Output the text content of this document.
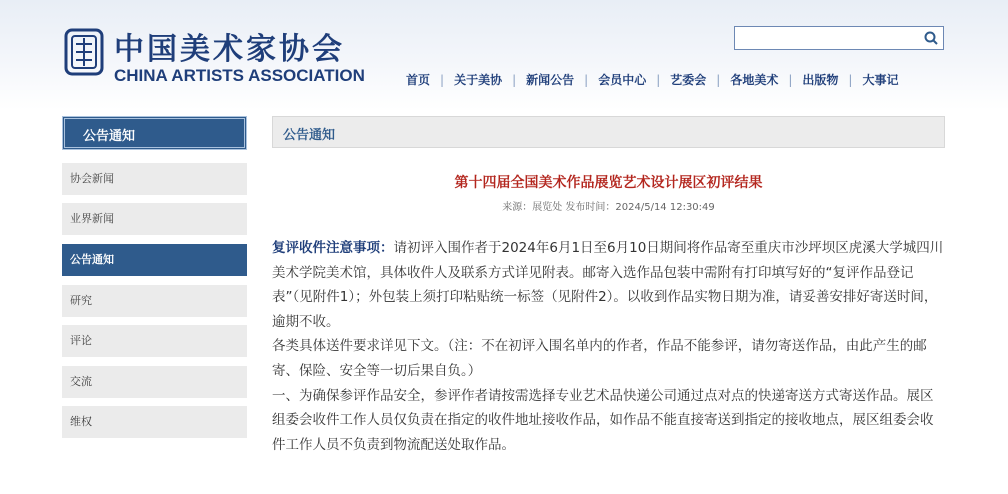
中国美术家协会
CHINA ARTISTS ASSOCIATION	首页 | 关于美协 | 新闻公告 | 会员中心 | 艺委会 | 各地美术 | 出版物 | 大事记
公告通知
协会新闻
业界新闻
公告通知
研究
评论
交流
维权
公告通知
第十四届全国美术作品展览艺术设计展区初评结果
来源：展览处 发布时间：2024/5/14 12:30:49

复评收件注意事项：请初评入围作者于2024年6月1日至6月10日期间将作品寄至重庆市沙坪坝区虎溪大学城四川美术学院美术馆，具体收件人及联系方式详见附表。邮寄入选作品包装中需附有打印填写好的“复评作品登记表”（见附件1）；外包装上须打印粘贴统一标签（见附件2）。以收到作品实物日期为准，请妥善安排好寄送时间，逾期不收。

各类具体送件要求详见下文。（注：不在初评入围名单内的作者，作品不能参评，请勿寄送作品，由此产生的邮寄、保险、安全等一切后果自负。）

一、为确保参评作品安全，参评作者请按需选择专业艺术品快递公司通过点对点的快递寄送方式寄送作品。展区组委会收件工作人员仅负责在指定的收件地址接收作品，如作品不能直接寄送到指定的接收地点，展区组委会收件工作人员不负责到物流配送处取作品。
